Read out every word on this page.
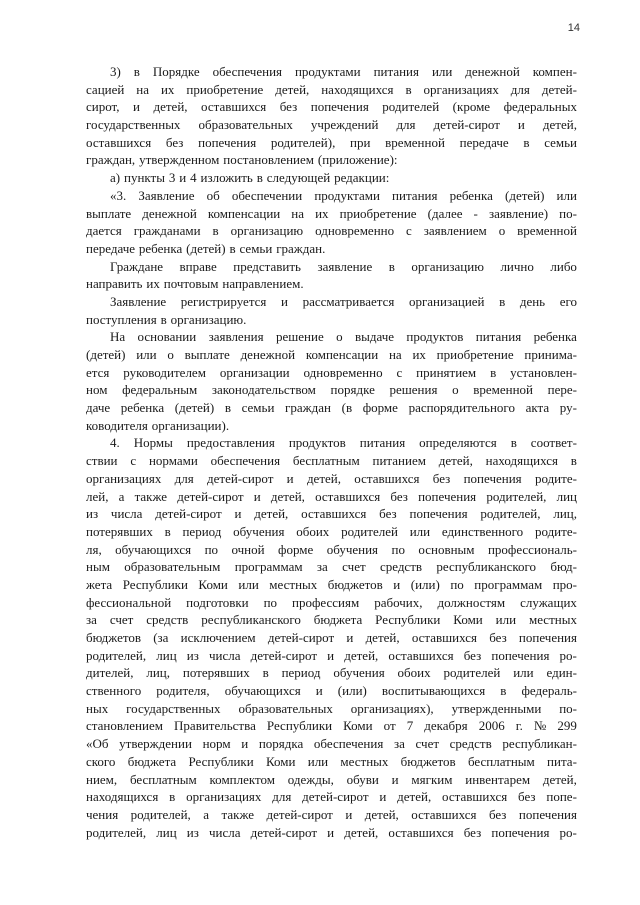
14
3) в Порядке обеспечения продуктами питания или денежной компен-
сацией на их приобретение детей, находящихся в организациях для детей-
сирот, и детей, оставшихся без попечения родителей (кроме федеральных
государственных образовательных учреждений для детей-сирот и детей,
оставшихся без попечения родителей), при временной передаче в семьи
граждан, утвержденном постановлением (приложение):
а) пункты 3 и 4 изложить в следующей редакции:
«3. Заявление об обеспечении продуктами питания ребенка (детей) или
выплате денежной компенсации на их приобретение (далее - заявление) по-
дается гражданами в организацию одновременно с заявлением о временной
передаче ребенка (детей) в семьи граждан.
Граждане вправе представить заявление в организацию лично либо
направить их почтовым направлением.
Заявление регистрируется и рассматривается организацией в день его
поступления в организацию.
На основании заявления решение о выдаче продуктов питания ребенка
(детей) или о выплате денежной компенсации на их приобретение принима-
ется руководителем организации одновременно с принятием в установлен-
ном федеральным законодательством порядке решения о временной пере-
даче ребенка (детей) в семьи граждан (в форме распорядительного акта ру-
ководителя организации).
4. Нормы предоставления продуктов питания определяются в соответ-
ствии с нормами обеспечения бесплатным питанием детей, находящихся в
организациях для детей-сирот и детей, оставшихся без попечения родите-
лей, а также детей-сирот и детей, оставшихся без попечения родителей, лиц
из числа детей-сирот и детей, оставшихся без попечения родителей, лиц,
потерявших в период обучения обоих родителей или единственного родите-
ля, обучающихся по очной форме обучения по основным профессиональ-
ным образовательным программам за счет средств республиканского бюд-
жета Республики Коми или местных бюджетов и (или) по программам про-
фессиональной подготовки по профессиям рабочих, должностям служащих
за счет средств республиканского бюджета Республики Коми или местных
бюджетов (за исключением детей-сирот и детей, оставшихся без попечения
родителей, лиц из числа детей-сирот и детей, оставшихся без попечения ро-
дителей, лиц, потерявших в период обучения обоих родителей или един-
ственного родителя, обучающихся и (или) воспитывающихся в федераль-
ных государственных образовательных организациях), утвержденными по-
становлением Правительства Республики Коми от 7 декабря 2006 г. № 299
«Об утверждении норм и порядка обеспечения за счет средств республикан-
ского бюджета Республики Коми или местных бюджетов бесплатным пита-
нием, бесплатным комплектом одежды, обуви и мягким инвентарем детей,
находящихся в организациях для детей-сирот и детей, оставшихся без попе-
чения родителей, а также детей-сирот и детей, оставшихся без попечения
родителей, лиц из числа детей-сирот и детей, оставшихся без попечения ро-
